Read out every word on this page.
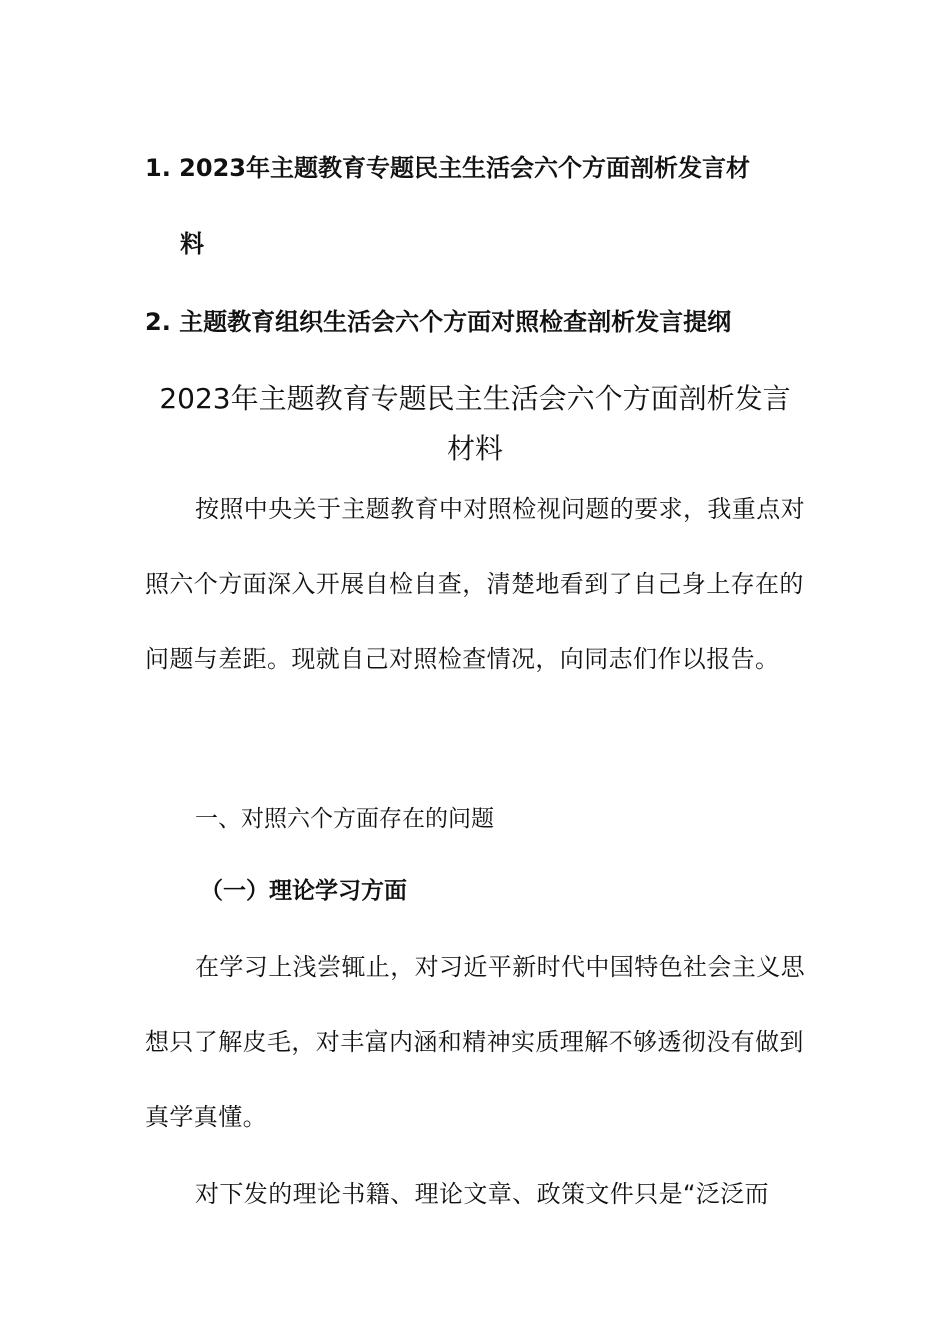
1. 2023年主题教育专题民主生活会六个方面剖析发言材
料
2. 主题教育组织生活会六个方面对照检查剖析发言提纲
2023年主题教育专题民主生活会六个方面剖析发言
材料
按照中央关于主题教育中对照检视问题的要求，我重点对照六个方面深入开展自检自查，清楚地看到了自己身上存在的问题与差距。现就自己对照检查情况，向同志们作以报告。
一、对照六个方面存在的问题
（一）理论学习方面
在学习上浅尝辄止，对习近平新时代中国特色社会主义思想只了解皮毛，对丰富内涵和精神实质理解不够透彻没有做到真学真懂。
对下发的理论书籍、理论文章、政策文件只是“泛泛而
